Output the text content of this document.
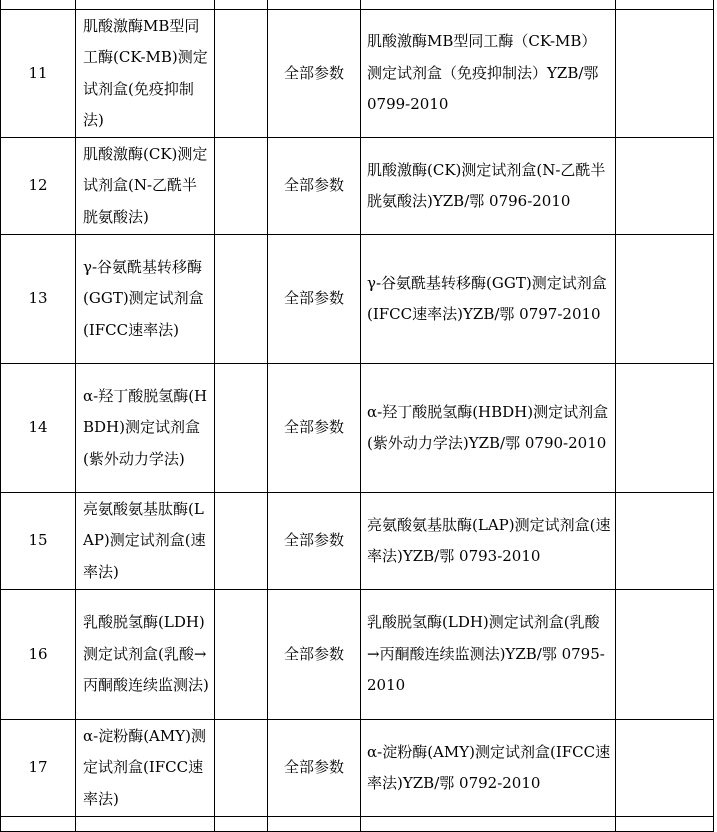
11	肌酸激酶MB型同工酶(CK-MB)测定试剂盒(免疫抑制法)		全部参数	肌酸激酶MB型同工酶（CK-MB）测定试剂盒（免疫抑制法）YZB/鄂 0799-2010	

12	肌酸激酶(CK)测定试剂盒(N-乙酰半胱氨酸法)		全部参数	肌酸激酶(CK)测定试剂盒(N-乙酰半胱氨酸法)YZB/鄂 0796-2010	

13	γ-谷氨酰基转移酶(GGT)测定试剂盒(IFCC速率法)		全部参数	γ-谷氨酰基转移酶(GGT)测定试剂盒(IFCC速率法)YZB/鄂 0797-2010	

14	α-羟丁酸脱氢酶(HBDH)测定试剂盒(紫外动力学法)		全部参数	α-羟丁酸脱氢酶(HBDH)测定试剂盒(紫外动力学法)YZB/鄂 0790-2010	

15	亮氨酸氨基肽酶(LAP)测定试剂盒(速率法)		全部参数	亮氨酸氨基肽酶(LAP)测定试剂盒(速率法)YZB/鄂 0793-2010	

16	乳酸脱氢酶(LDH)测定试剂盒(乳酸→丙酮酸连续监测法)		全部参数	乳酸脱氢酶(LDH)测定试剂盒(乳酸→丙酮酸连续监测法)YZB/鄂 0795-2010	

17	α-淀粉酶(AMY)测定试剂盒(IFCC速率法)		全部参数	α-淀粉酶(AMY)测定试剂盒(IFCC速率法)YZB/鄂 0792-2010	
